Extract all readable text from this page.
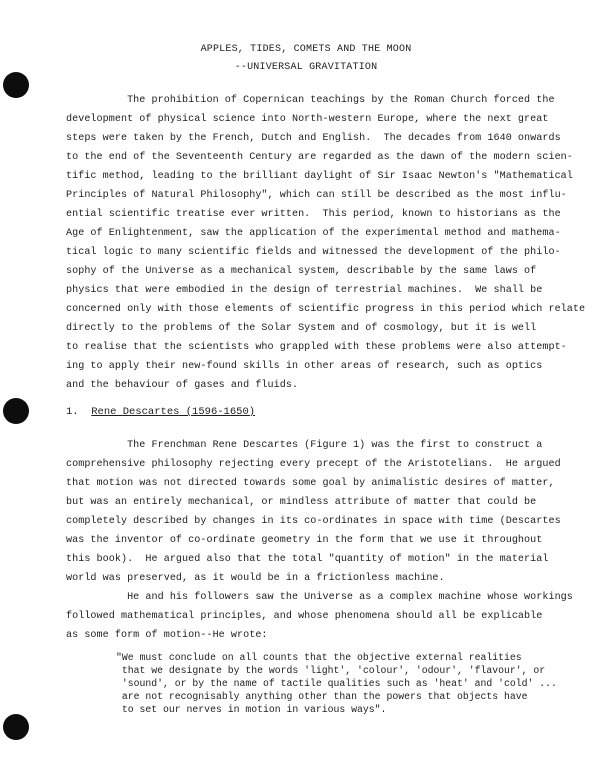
APPLES, TIDES, COMETS AND THE MOON
--UNIVERSAL GRAVITATION
The prohibition of Copernican teachings by the Roman Church forced the
development of physical science into North-western Europe, where the next great
steps were taken by the French, Dutch and English.  The decades from 1640 onwards
to the end of the Seventeenth Century are regarded as the dawn of the modern scien-
tific method, leading to the brilliant daylight of Sir Isaac Newton's "Mathematical
Principles of Natural Philosophy", which can still be described as the most influ-
ential scientific treatise ever written.  This period, known to historians as the
Age of Enlightenment, saw the application of the experimental method and mathema-
tical logic to many scientific fields and witnessed the development of the philo-
sophy of the Universe as a mechanical system, describable by the same laws of
physics that were embodied in the design of terrestrial machines.  We shall be
concerned only with those elements of scientific progress in this period which relate
directly to the problems of the Solar System and of cosmology, but it is well
to realise that the scientists who grappled with these problems were also attempt-
ing to apply their new-found skills in other areas of research, such as optics
and the behaviour of gases and fluids.
1. Rene Descartes (1596-1650)
The Frenchman Rene Descartes (Figure 1) was the first to construct a
comprehensive philosophy rejecting every precept of the Aristotelians.  He argued
that motion was not directed towards some goal by animalistic desires of matter,
but was an entirely mechanical, or mindless attribute of matter that could be
completely described by changes in its co-ordinates in space with time (Descartes
was the inventor of co-ordinate geometry in the form that we use it throughout
this book).  He argued also that the total "quantity of motion" in the material
world was preserved, as it would be in a frictionless machine.
He and his followers saw the Universe as a complex machine whose workings
followed mathematical principles, and whose phenomena should all be explicable
as some form of motion--He wrote:
"We must conclude on all counts that the objective external realities
that we designate by the words 'light', 'colour', 'odour', 'flavour', or
'sound', or by the name of tactile qualities such as 'heat' and 'cold' ...
are not recognisably anything other than the powers that objects have
to set our nerves in motion in various ways".
